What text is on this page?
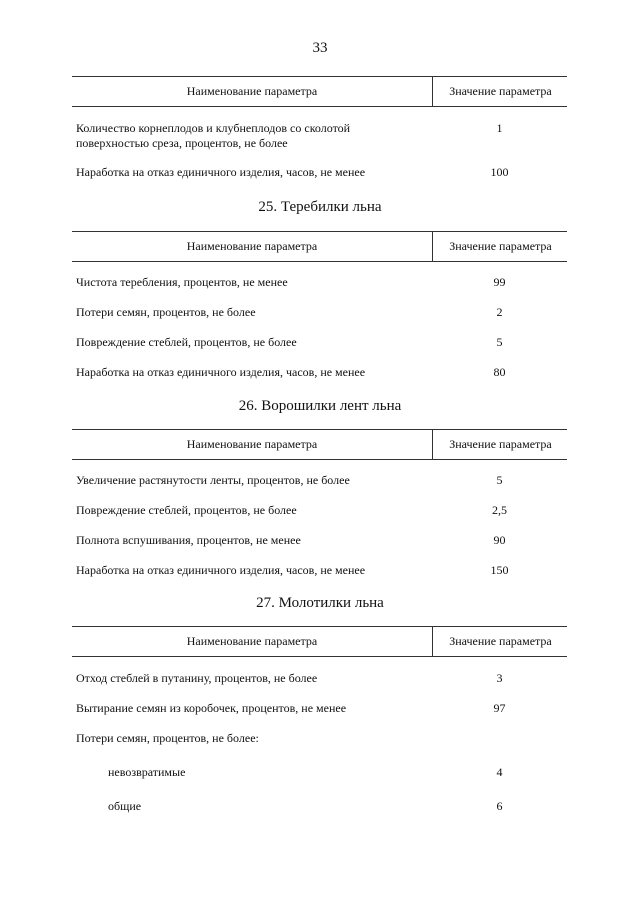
33
Наименование параметра	Значение параметра
Количество корнеплодов и клубнеплодов со сколотой
поверхностью среза, процентов, не более
1
Наработка на отказ единичного изделия, часов, не менее	100
25. Теребилки льна
Наименование параметра	Значение параметра
Чистота теребления, процентов, не менее	99
Потери семян, процентов, не более	2
Повреждение стеблей, процентов, не более	5
Наработка на отказ единичного изделия, часов, не менее	80
26. Ворошилки лент льна
Наименование параметра	Значение параметра
Увеличение растянутости ленты, процентов, не более	5
Повреждение стеблей, процентов, не более	2,5
Полнота вспушивания, процентов, не менее	90
Наработка на отказ единичного изделия, часов, не менее	150
27. Молотилки льна
Наименование параметра	Значение параметра
Отход стеблей в путанину, процентов, не более	3
Вытирание семян из коробочек, процентов, не менее	97
Потери семян, процентов, не более:
невозвратимые	4
общие	6
